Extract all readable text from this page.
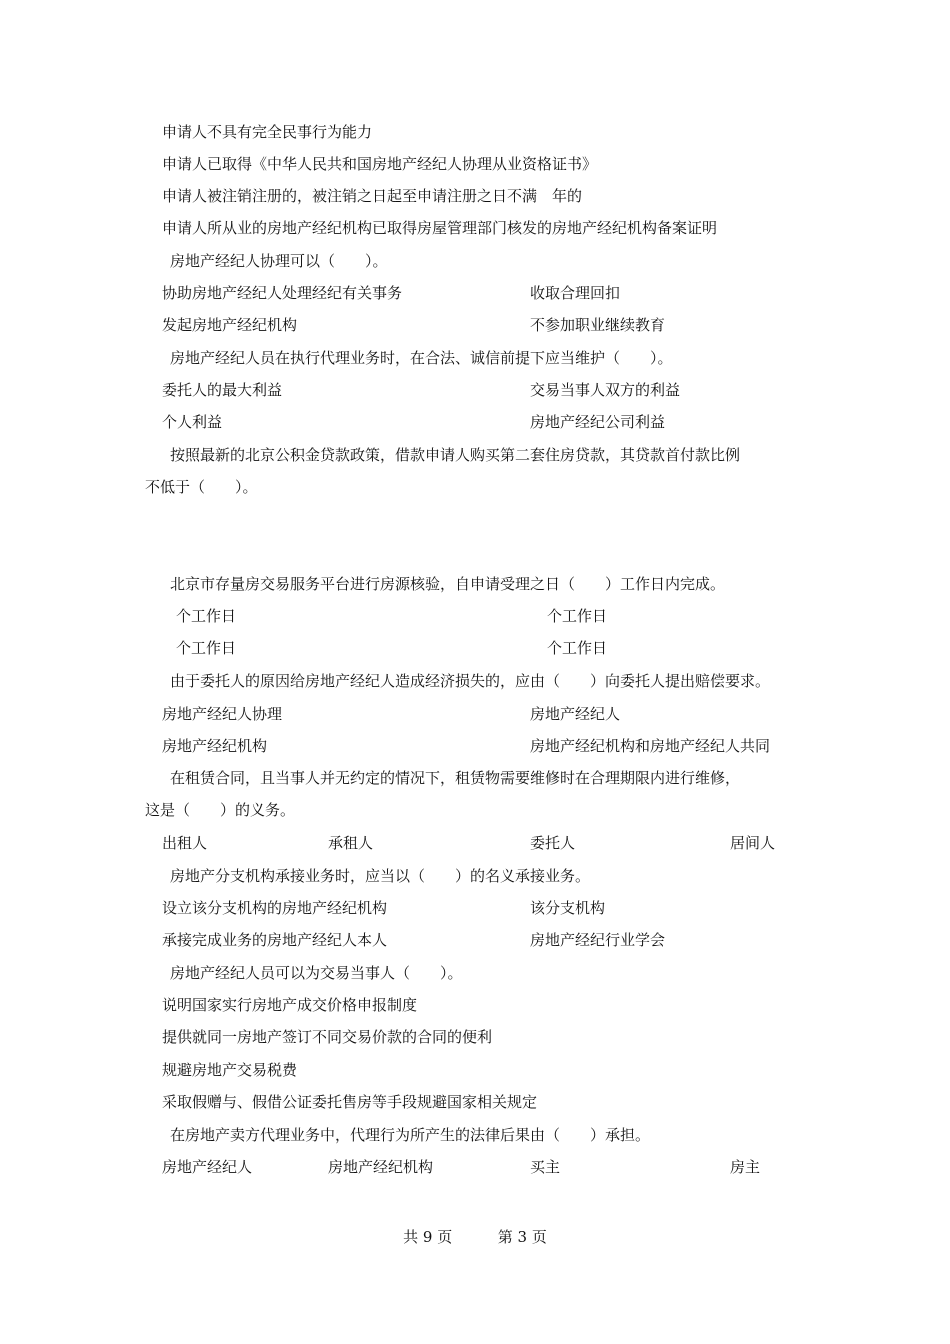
申请人不具有完全民事行为能力
申请人已取得《中华人民共和国房地产经纪人协理从业资格证书》
申请人被注销注册的，被注销之日起至申请注册之日不满　年的
申请人所从业的房地产经纪机构已取得房屋管理部门核发的房地产经纪机构备案证明
房地产经纪人协理可以（　　）。
协助房地产经纪人处理经纪有关事务	收取合理回扣
发起房地产经纪机构	不参加职业继续教育
房地产经纪人员在执行代理业务时，在合法、诚信前提下应当维护（　　）。
委托人的最大利益	交易当事人双方的利益
个人利益	房地产经纪公司利益
按照最新的北京公积金贷款政策，借款申请人购买第二套住房贷款，其贷款首付款比例
不低于（　　）。
北京市存量房交易服务平台进行房源核验，自申请受理之日（　　）工作日内完成。
个工作日	个工作日
个工作日	个工作日
由于委托人的原因给房地产经纪人造成经济损失的，应由（　　）向委托人提出赔偿要求。
房地产经纪人协理	房地产经纪人
房地产经纪机构	房地产经纪机构和房地产经纪人共同
在租赁合同，且当事人并无约定的情况下，租赁物需要维修时在合理期限内进行维修，
这是（　　）的义务。
出租人	承租人	委托人	居间人
房地产分支机构承接业务时，应当以（　　）的名义承接业务。
设立该分支机构的房地产经纪机构	该分支机构
承接完成业务的房地产经纪人本人	房地产经纪行业学会
房地产经纪人员可以为交易当事人（　　）。
说明国家实行房地产成交价格申报制度
提供就同一房地产签订不同交易价款的合同的便利
规避房地产交易税费
采取假赠与、假借公证委托售房等手段规避国家相关规定
在房地产卖方代理业务中，代理行为所产生的法律后果由（　　）承担。
房地产经纪人	房地产经纪机构	买主	房主
共 9 页	第 3 页
